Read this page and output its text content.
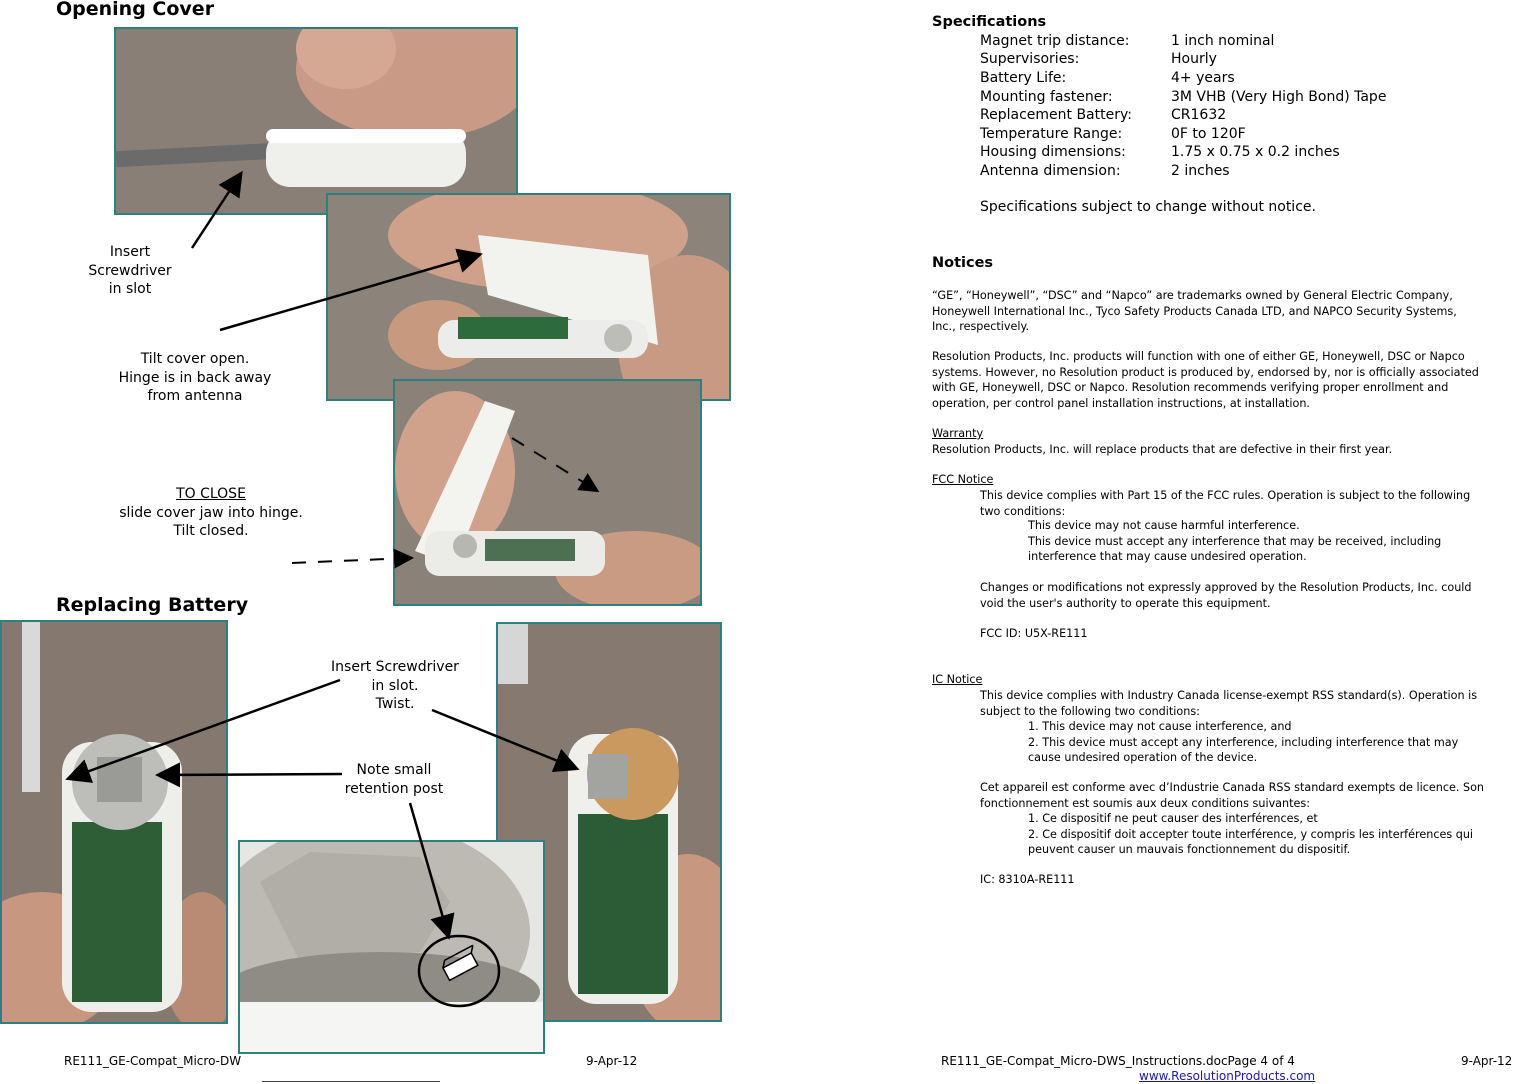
Opening Cover
Insert
Screwdriver
in slot
Tilt cover open.
Hinge is in back away
from antenna
TO CLOSE
slide cover jaw into hinge.
Tilt closed.
Replacing Battery
Insert Screwdriver
in slot.
Twist.
Note small
retention post
RE111_GE-Compat_Micro-DW	9-Apr-12
Specifications
Magnet trip distance:	1 inch nominal
Supervisories:	Hourly
Battery Life:	4+ years
Mounting fastener:	3M VHB (Very High Bond) Tape
Replacement Battery:	CR1632
Temperature Range:	0F to 120F
Housing dimensions:	1.75 x 0.75 x 0.2 inches
Antenna dimension:	2 inches
Specifications subject to change without notice.
Notices
“GE”, “Honeywell”, “DSC” and “Napco” are trademarks owned by General Electric Company,
Honeywell International Inc., Tyco Safety Products Canada LTD, and NAPCO Security Systems,
Inc., respectively.
Resolution Products, Inc. products will function with one of either GE, Honeywell, DSC or Napco
systems. However, no Resolution product is produced by, endorsed by, nor is officially associated
with GE, Honeywell, DSC or Napco. Resolution recommends verifying proper enrollment and
operation, per control panel installation instructions, at installation.
Warranty
Resolution Products, Inc. will replace products that are defective in their first year.
FCC Notice
This device complies with Part 15 of the FCC rules. Operation is subject to the following
two conditions:
This device may not cause harmful interference.
This device must accept any interference that may be received, including
interference that may cause undesired operation.
Changes or modifications not expressly approved by the Resolution Products, Inc. could
void the user's authority to operate this equipment.
FCC ID: U5X-RE111
IC Notice
This device complies with Industry Canada license-exempt RSS standard(s). Operation is
subject to the following two conditions:
1. This device may not cause interference, and
2. This device must accept any interference, including interference that may
cause undesired operation of the device.
Cet appareil est conforme avec d’Industrie Canada RSS standard exempts de licence. Son
fonctionnement est soumis aux deux conditions suivantes:
1. Ce dispositif ne peut causer des interférences, et
2. Ce dispositif doit accepter toute interférence, y compris les interférences qui
peuvent causer un mauvais fonctionnement du dispositif.
IC: 8310A-RE111
RE111_GE-Compat_Micro-DWS_Instructions.docPage 4 of 4	9-Apr-12
www.ResolutionProducts.com
